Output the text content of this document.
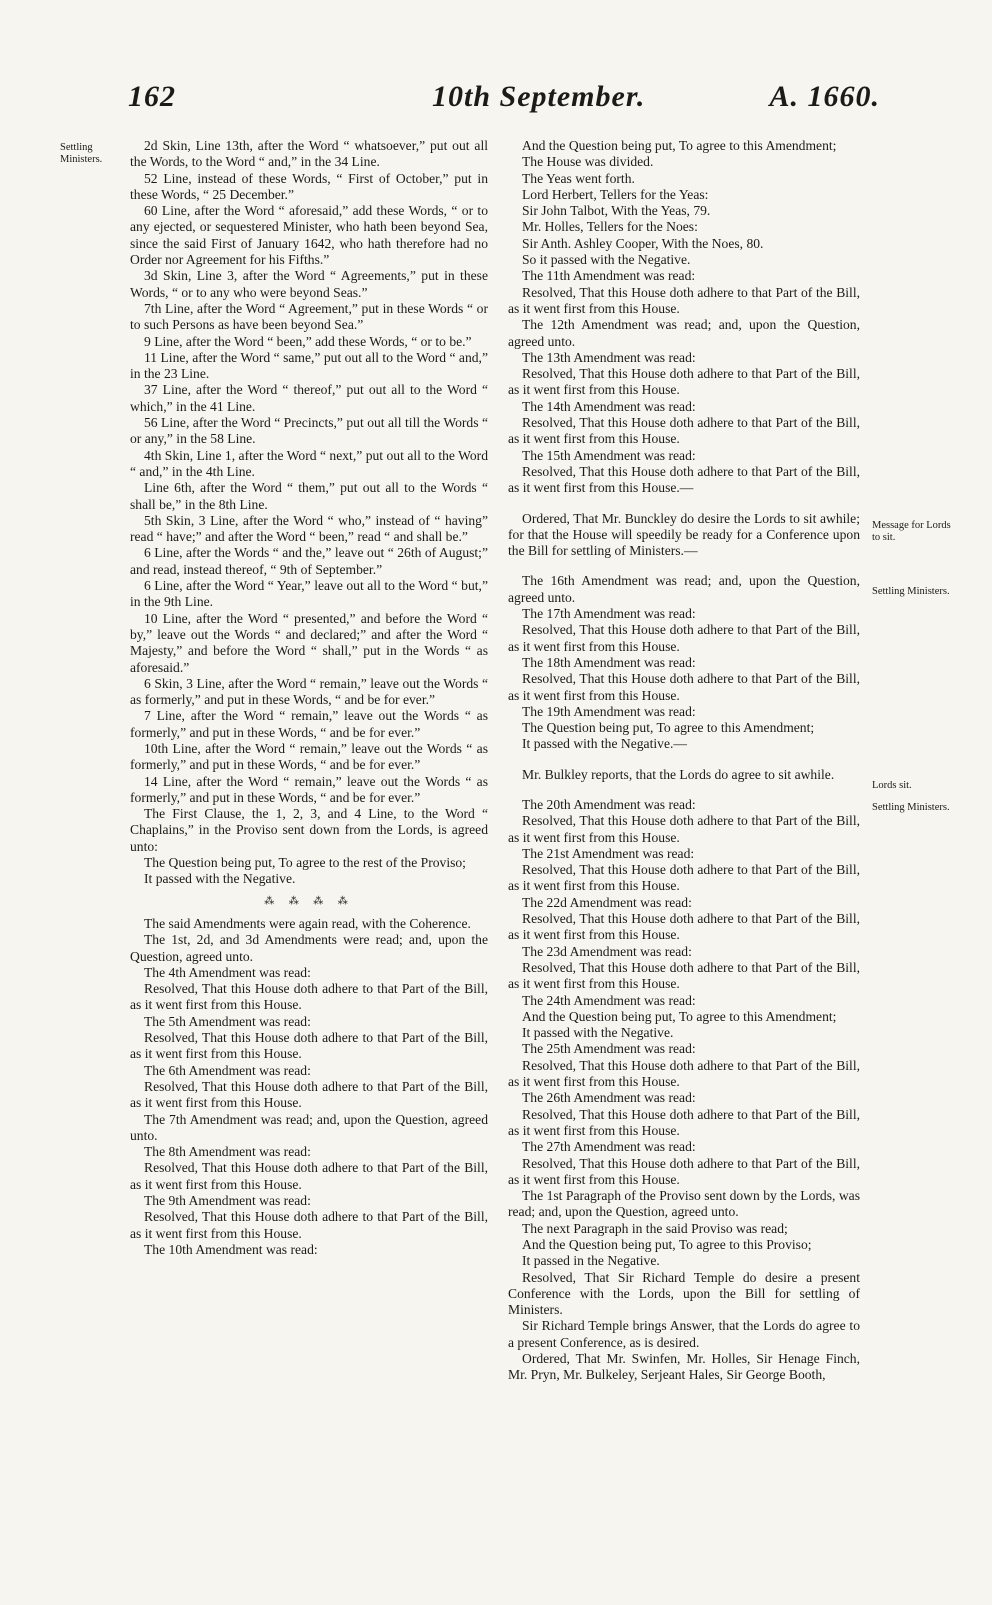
162	10th September.	A. 1660.
Settling Ministers.
Message for Lords to sit.
Settling Ministers.
Lords sit.
Settling Ministers.

2d Skin, Line 13th, after the Word “ whatsoever,” put out all the Words, to the Word “ and,” in the 34 Line.

52 Line, instead of these Words, “ First of October,” put in these Words, “ 25 December.”

60 Line, after the Word “ aforesaid,” add these Words, “ or to any ejected, or sequestered Minister, who hath been beyond Sea, since the said First of January 1642, who hath therefore had no Order nor Agreement for his Fifths.”

3d Skin, Line 3, after the Word “ Agreements,” put in these Words, “ or to any who were beyond Seas.”

7th Line, after the Word “ Agreement,” put in these Words “ or to such Persons as have been beyond Sea.”

9 Line, after the Word “ been,” add these Words, “ or to be.”

11 Line, after the Word “ same,” put out all to the Word “ and,” in the 23 Line.

37 Line, after the Word “ thereof,” put out all to the Word “ which,” in the 41 Line.

56 Line, after the Word “ Precincts,” put out all till the Words “ or any,” in the 58 Line.

4th Skin, Line 1, after the Word “ next,” put out all to the Word “ and,” in the 4th Line.

Line 6th, after the Word “ them,” put out all to the Words “ shall be,” in the 8th Line.

5th Skin, 3 Line, after the Word “ who,” instead of “ having” read “ have;” and after the Word “ been,” read “ and shall be.”

6 Line, after the Words “ and the,” leave out “ 26th of August;” and read, instead thereof, “ 9th of September.”

6 Line, after the Word “ Year,” leave out all to the Word “ but,” in the 9th Line.

10 Line, after the Word “ presented,” and before the Word “ by,” leave out the Words “ and declared;” and after the Word “ Majesty,” and before the Word “ shall,” put in the Words “ as aforesaid.”

6 Skin, 3 Line, after the Word “ remain,” leave out the Words “ as formerly,” and put in these Words, “ and be for ever.”

7 Line, after the Word “ remain,” leave out the Words “ as formerly,” and put in these Words, “ and be for ever.”

10th Line, after the Word “ remain,” leave out the Words “ as formerly,” and put in these Words, “ and be for ever.”

14 Line, after the Word “ remain,” leave out the Words “ as formerly,” and put in these Words, “ and be for ever.”

The First Clause, the 1, 2, 3, and 4 Line, to the Word “ Chaplains,” in the Proviso sent down from the Lords, is agreed unto:

The Question being put, To agree to the rest of the Proviso;

It passed with the Negative.

⁂ ⁂ ⁂ ⁂

The said Amendments were again read, with the Coherence.

The 1st, 2d, and 3d Amendments were read; and, upon the Question, agreed unto.

The 4th Amendment was read:

Resolved, That this House doth adhere to that Part of the Bill, as it went first from this House.

The 5th Amendment was read:

Resolved, That this House doth adhere to that Part of the Bill, as it went first from this House.

The 6th Amendment was read:

Resolved, That this House doth adhere to that Part of the Bill, as it went first from this House.

The 7th Amendment was read; and, upon the Question, agreed unto.

The 8th Amendment was read:

Resolved, That this House doth adhere to that Part of the Bill, as it went first from this House.

The 9th Amendment was read:

Resolved, That this House doth adhere to that Part of the Bill, as it went first from this House.

The 10th Amendment was read:

And the Question being put, To agree to this Amendment;

The House was divided.

The Yeas went forth.

Lord Herbert, Tellers for the Yeas:
Sir John Talbot, With the Yeas, 79.
Mr. Holles, Tellers for the Noes:
Sir Anth. Ashley Cooper, With the Noes, 80.

So it passed with the Negative.

The 11th Amendment was read:

Resolved, That this House doth adhere to that Part of the Bill, as it went first from this House.

The 12th Amendment was read; and, upon the Question, agreed unto.

The 13th Amendment was read:

Resolved, That this House doth adhere to that Part of the Bill, as it went first from this House.

The 14th Amendment was read:

Resolved, That this House doth adhere to that Part of the Bill, as it went first from this House.

The 15th Amendment was read:

Resolved, That this House doth adhere to that Part of the Bill, as it went first from this House.—

Ordered, That Mr. Bunckley do desire the Lords to sit awhile; for that the House will speedily be ready for a Conference upon the Bill for settling of Ministers.—

The 16th Amendment was read; and, upon the Question, agreed unto.

The 17th Amendment was read:

Resolved, That this House doth adhere to that Part of the Bill, as it went first from this House.

The 18th Amendment was read:

Resolved, That this House doth adhere to that Part of the Bill, as it went first from this House.

The 19th Amendment was read:

The Question being put, To agree to this Amendment;

It passed with the Negative.—

Mr. Bulkley reports, that the Lords do agree to sit awhile.

The 20th Amendment was read:

Resolved, That this House doth adhere to that Part of the Bill, as it went first from this House.

The 21st Amendment was read:

Resolved, That this House doth adhere to that Part of the Bill, as it went first from this House.

The 22d Amendment was read:

Resolved, That this House doth adhere to that Part of the Bill, as it went first from this House.

The 23d Amendment was read:

Resolved, That this House doth adhere to that Part of the Bill, as it went first from this House.

The 24th Amendment was read:

And the Question being put, To agree to this Amendment;

It passed with the Negative.

The 25th Amendment was read:

Resolved, That this House doth adhere to that Part of the Bill, as it went first from this House.

The 26th Amendment was read:

Resolved, That this House doth adhere to that Part of the Bill, as it went first from this House.

The 27th Amendment was read:

Resolved, That this House doth adhere to that Part of the Bill, as it went first from this House.

The 1st Paragraph of the Proviso sent down by the Lords, was read; and, upon the Question, agreed unto.

The next Paragraph in the said Proviso was read;

And the Question being put, To agree to this Proviso;

It passed in the Negative.

Resolved, That Sir Richard Temple do desire a present Conference with the Lords, upon the Bill for settling of Ministers.

Sir Richard Temple brings Answer, that the Lords do agree to a present Conference, as is desired.

Ordered, That Mr. Swinfen, Mr. Holles, Sir Henage Finch, Mr. Pryn, Mr. Bulkeley, Serjeant Hales, Sir George Booth,
